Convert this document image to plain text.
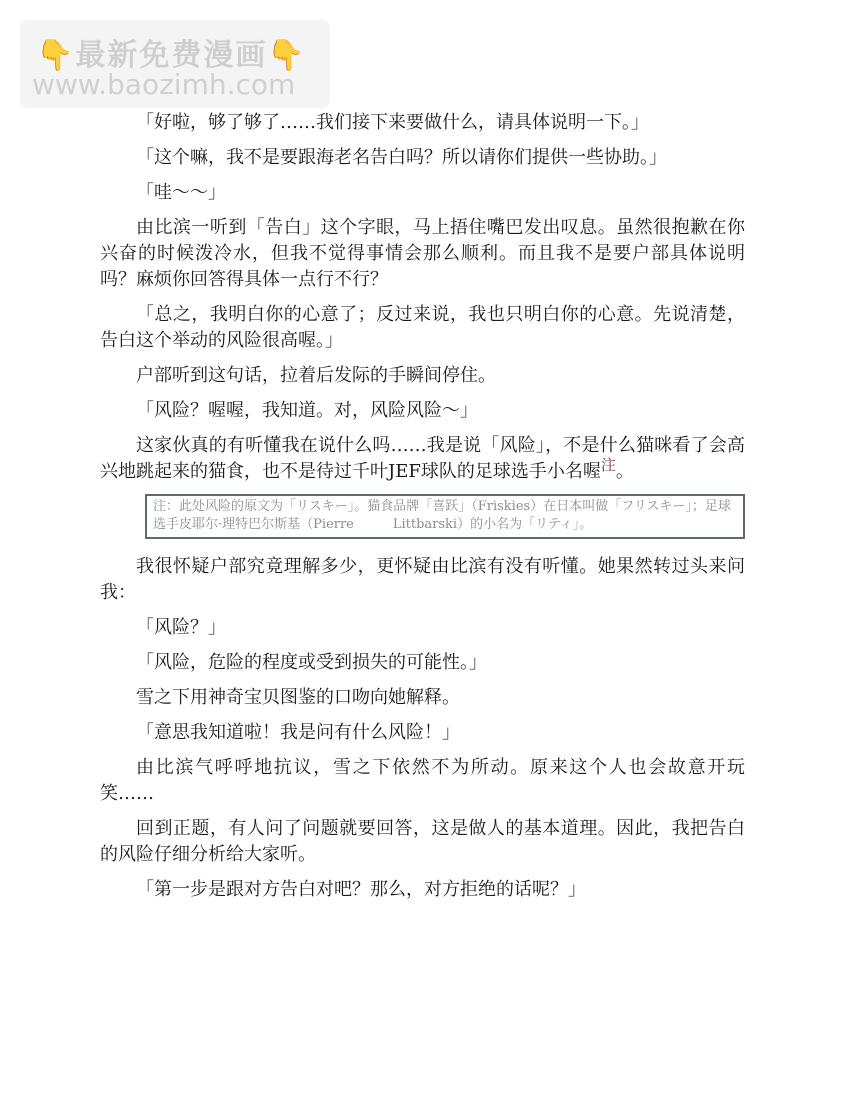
👇最新免费漫画👇
www.baozimh.com

「好啦，够了够了……我们接下来要做什么，请具体说明一下。」

「这个嘛，我不是要跟海老名告白吗？所以请你们提供一些协助。」

「哇～～」

由比滨一听到「告白」这个字眼，马上捂住嘴巴发出叹息。虽然很抱歉在你兴奋的时候泼冷水，但我不觉得事情会那么顺利。而且我不是要户部具体说明吗？麻烦你回答得具体一点行不行？

「总之，我明白你的心意了；反过来说，我也只明白你的心意。先说清楚，告白这个举动的风险很高喔。」

户部听到这句话，拉着后发际的手瞬间停住。

「风险？喔喔，我知道。对，风险风险～」

这家伙真的有听懂我在说什么吗……我是说「风险」，不是什么猫咪看了会高兴地跳起来的猫食，也不是待过千叶JEF球队的足球选手小名喔$^注$。

注：此处风险的原文为「リスキー」。猫食品牌「喜跃」（Friskies）在日本叫做「フリスキー」；足球选手皮耶尔·理特巴尔斯基（Pierre　　　Littbarski）的小名为「リティ」。

我很怀疑户部究竟理解多少，更怀疑由比滨有没有听懂。她果然转过头来问我：

「风险？」

「风险，危险的程度或受到损失的可能性。」

雪之下用神奇宝贝图鉴的口吻向她解释。

「意思我知道啦！我是问有什么风险！」

由比滨气呼呼地抗议，雪之下依然不为所动。原来这个人也会故意开玩笑……

回到正题，有人问了问题就要回答，这是做人的基本道理。因此，我把告白的风险仔细分析给大家听。

「第一步是跟对方告白对吧？那么，对方拒绝的话呢？」
